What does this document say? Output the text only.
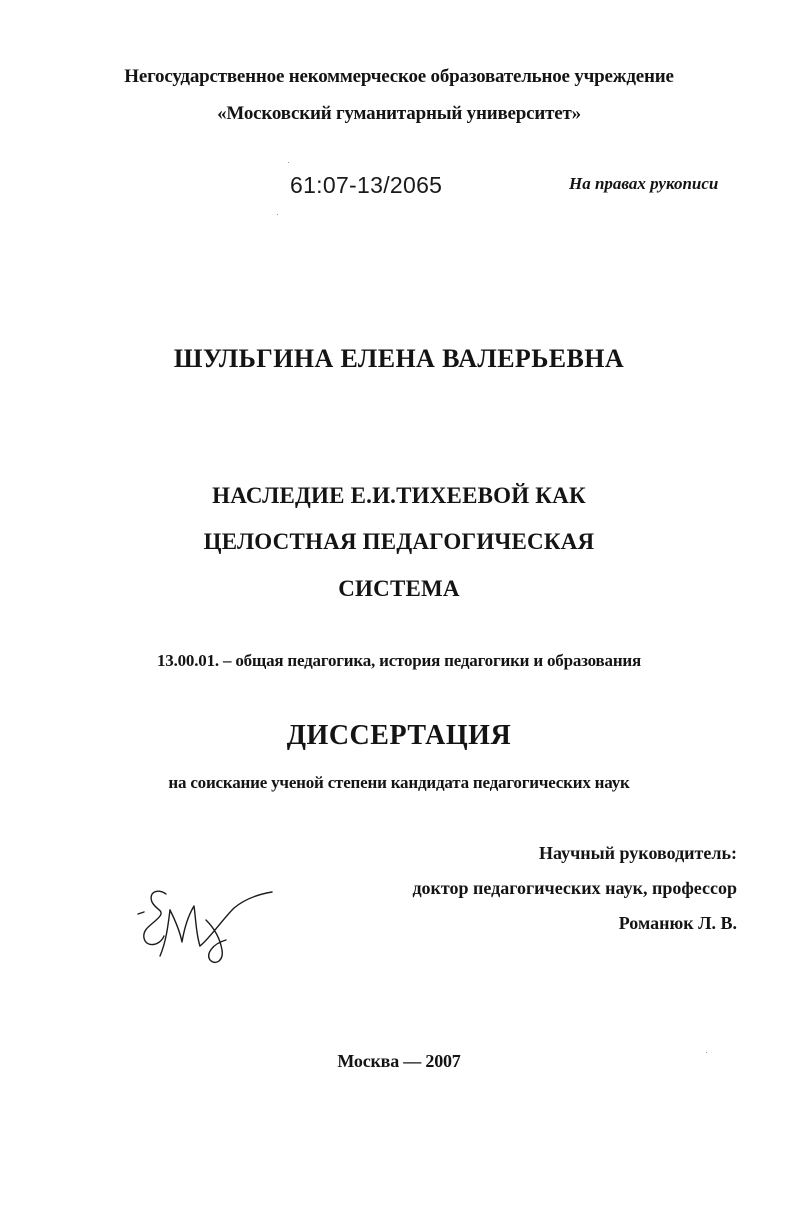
Негосударственное некоммерческое образовательное учреждение
«Московский гуманитарный университет»
61:07-13/2065	На правах рукописи
ШУЛЬГИНА ЕЛЕНА ВАЛЕРЬЕВНА
НАСЛЕДИЕ Е.И.ТИХЕЕВОЙ КАК
ЦЕЛОСТНАЯ ПЕДАГОГИЧЕСКАЯ
СИСТЕМА
13.00.01. – общая педагогика, история педагогики и образования
ДИССЕРТАЦИЯ
на соискание ученой степени кандидата педагогических наук
Научный руководитель:
доктор педагогических наук, профессор
Романюк Л. В.
Москва — 2007
